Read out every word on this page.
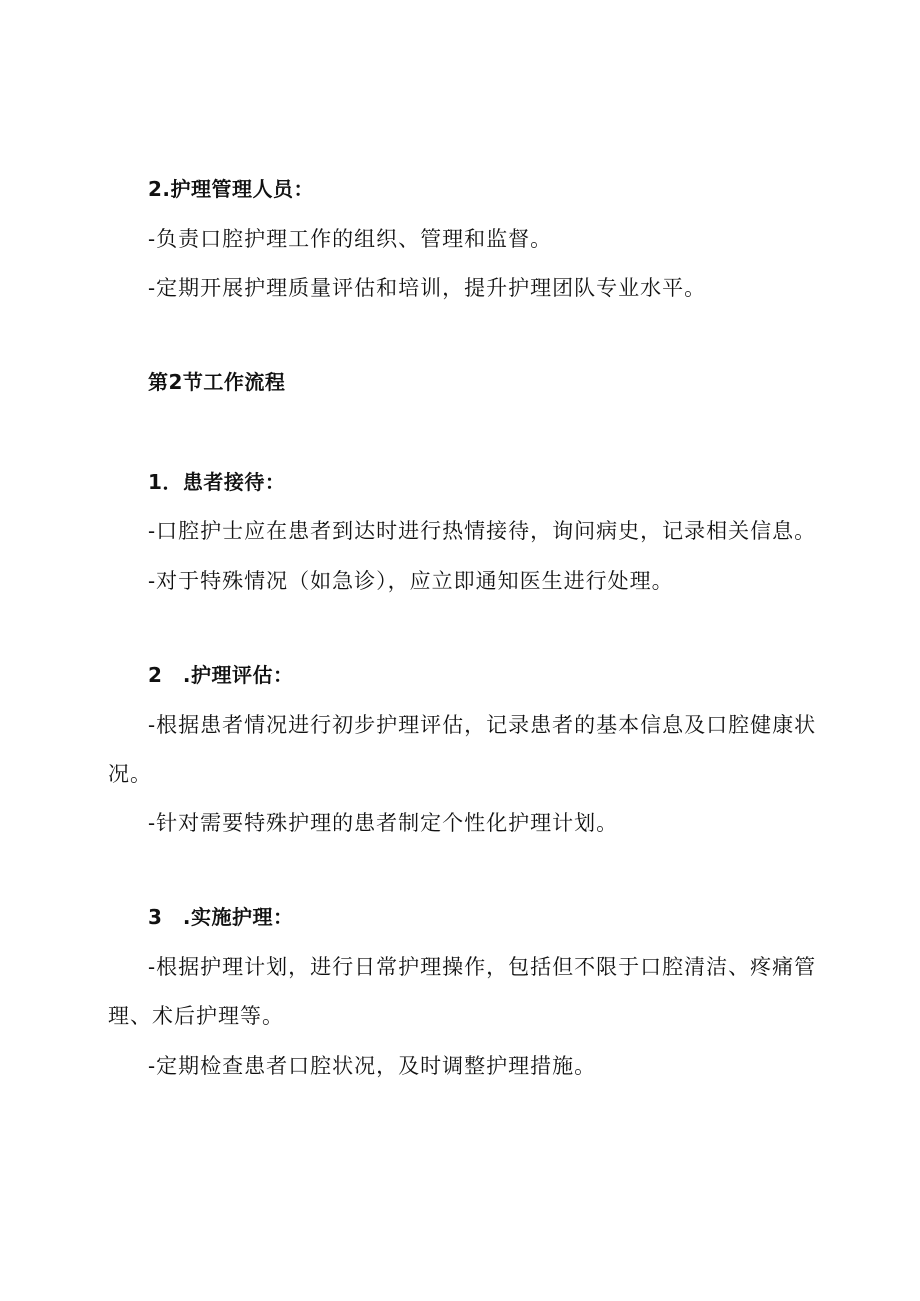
2.护理管理人员：
-负责口腔护理工作的组织、管理和监督。
-定期开展护理质量评估和培训，提升护理团队专业水平。
第2节工作流程
1．患者接待：
-口腔护士应在患者到达时进行热情接待，询问病史，记录相关信息。
-对于特殊情况（如急诊），应立即通知医生进行处理。
2　.护理评估：
-根据患者情况进行初步护理评估，记录患者的基本信息及口腔健康状
况。
-针对需要特殊护理的患者制定个性化护理计划。
3　.实施护理：
-根据护理计划，进行日常护理操作，包括但不限于口腔清洁、疼痛管
理、术后护理等。
-定期检查患者口腔状况，及时调整护理措施。
